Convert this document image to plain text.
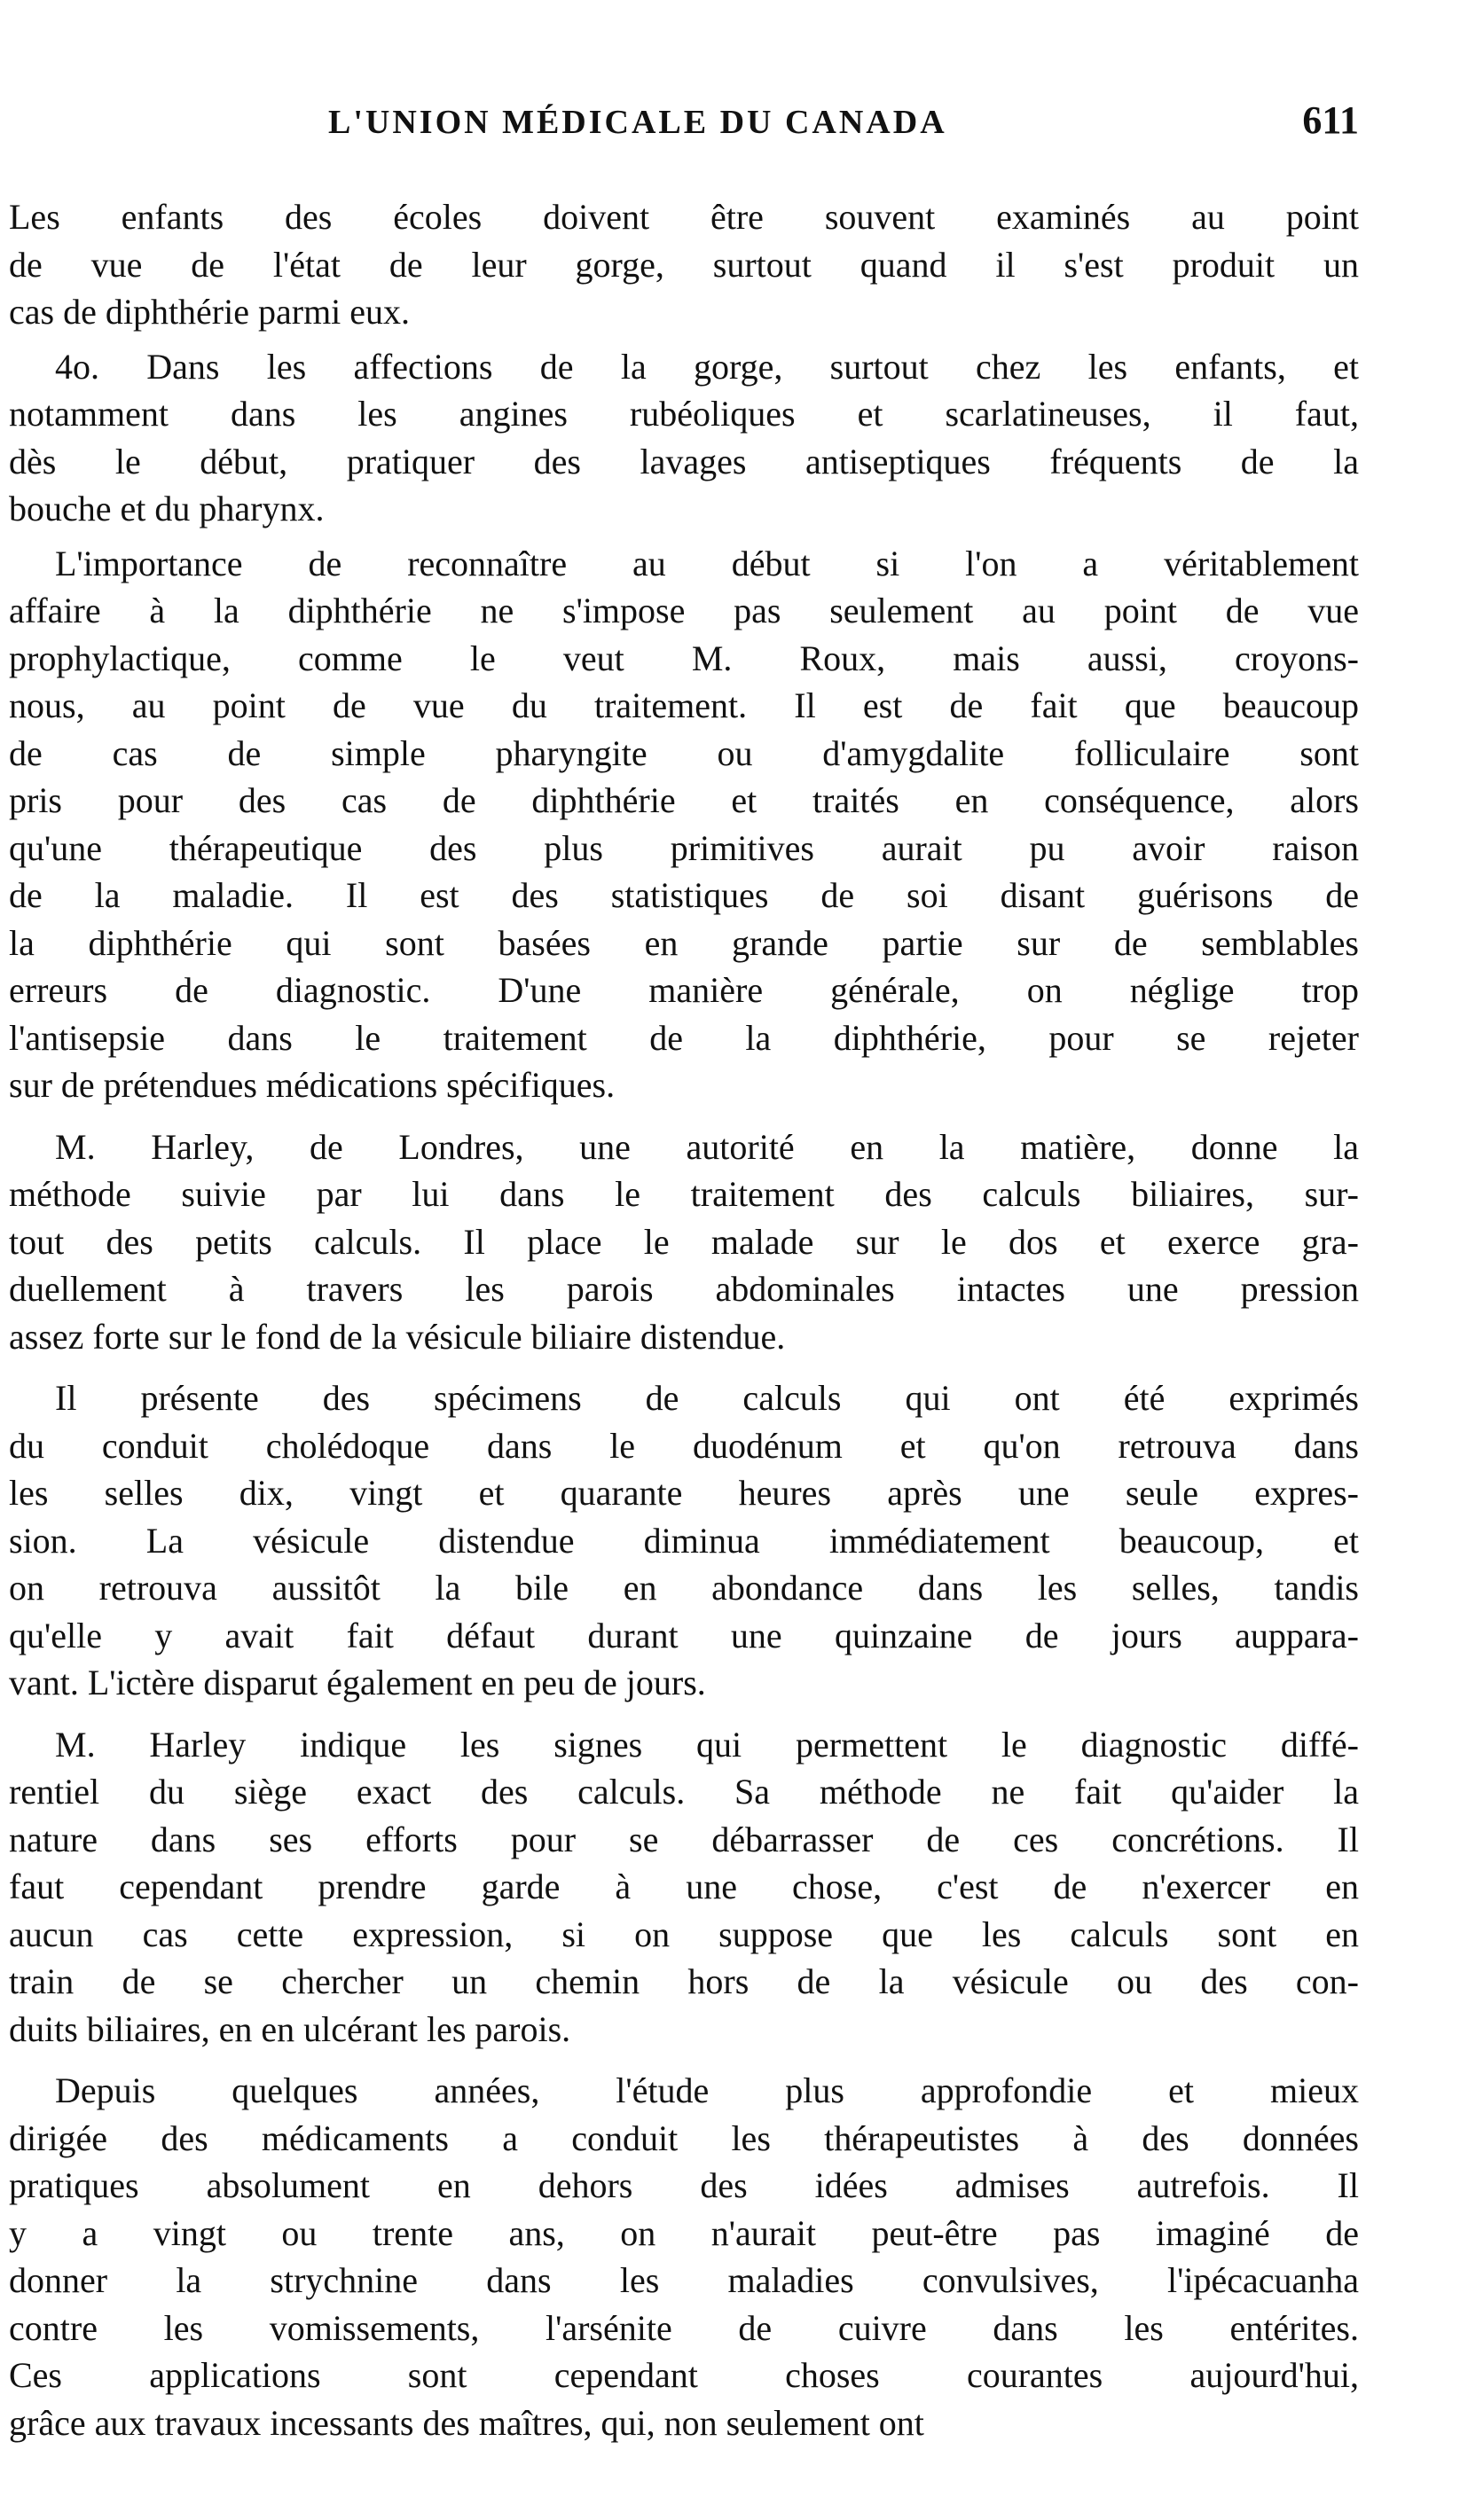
L'UNION MÉDICALE DU CANADA	611
Les enfants des écoles doivent être souvent examinés au point
de vue de l'état de leur gorge, surtout quand il s'est produit un
cas de diphthérie parmi eux.
4o. Dans les affections de la gorge, surtout chez les enfants, et
notamment dans les angines rubéoliques et scarlatineuses, il faut,
dès le début, pratiquer des lavages antiseptiques fréquents de la
bouche et du pharynx.
L'importance de reconnaître au début si l'on a véritablement
affaire à la diphthérie ne s'impose pas seulement au point de vue
prophylactique, comme le veut M. Roux, mais aussi, croyons-
nous, au point de vue du traitement. Il est de fait que beaucoup
de cas de simple pharyngite ou d'amygdalite folliculaire sont
pris pour des cas de diphthérie et traités en conséquence, alors
qu'une thérapeutique des plus primitives aurait pu avoir raison
de la maladie. Il est des statistiques de soi disant guérisons de
la diphthérie qui sont basées en grande partie sur de semblables
erreurs de diagnostic. D'une manière générale, on néglige trop
l'antisepsie dans le traitement de la diphthérie, pour se rejeter
sur de prétendues médications spécifiques.
M. Harley, de Londres, une autorité en la matière, donne la
méthode suivie par lui dans le traitement des calculs biliaires, sur-
tout des petits calculs. Il place le malade sur le dos et exerce gra-
duellement à travers les parois abdominales intactes une pression
assez forte sur le fond de la vésicule biliaire distendue.
Il présente des spécimens de calculs qui ont été exprimés
du conduit cholédoque dans le duodénum et qu'on retrouva dans
les selles dix, vingt et quarante heures après une seule expres-
sion. La vésicule distendue diminua immédiatement beaucoup, et
on retrouva aussitôt la bile en abondance dans les selles, tandis
qu'elle y avait fait défaut durant une quinzaine de jours auppara-
vant. L'ictère disparut également en peu de jours.
M. Harley indique les signes qui permettent le diagnostic diffé-
rentiel du siège exact des calculs. Sa méthode ne fait qu'aider la
nature dans ses efforts pour se débarrasser de ces concrétions. Il
faut cependant prendre garde à une chose, c'est de n'exercer en
aucun cas cette expression, si on suppose que les calculs sont en
train de se chercher un chemin hors de la vésicule ou des con-
duits biliaires, en en ulcérant les parois.
Depuis quelques années, l'étude plus approfondie et mieux
dirigée des médicaments a conduit les thérapeutistes à des données
pratiques absolument en dehors des idées admises autrefois. Il
y a vingt ou trente ans, on n'aurait peut-être pas imaginé de
donner la strychnine dans les maladies convulsives, l'ipécacuanha
contre les vomissements, l'arsénite de cuivre dans les entérites.
Ces applications sont cependant choses courantes aujourd'hui,
grâce aux travaux incessants des maîtres, qui, non seulement ont
